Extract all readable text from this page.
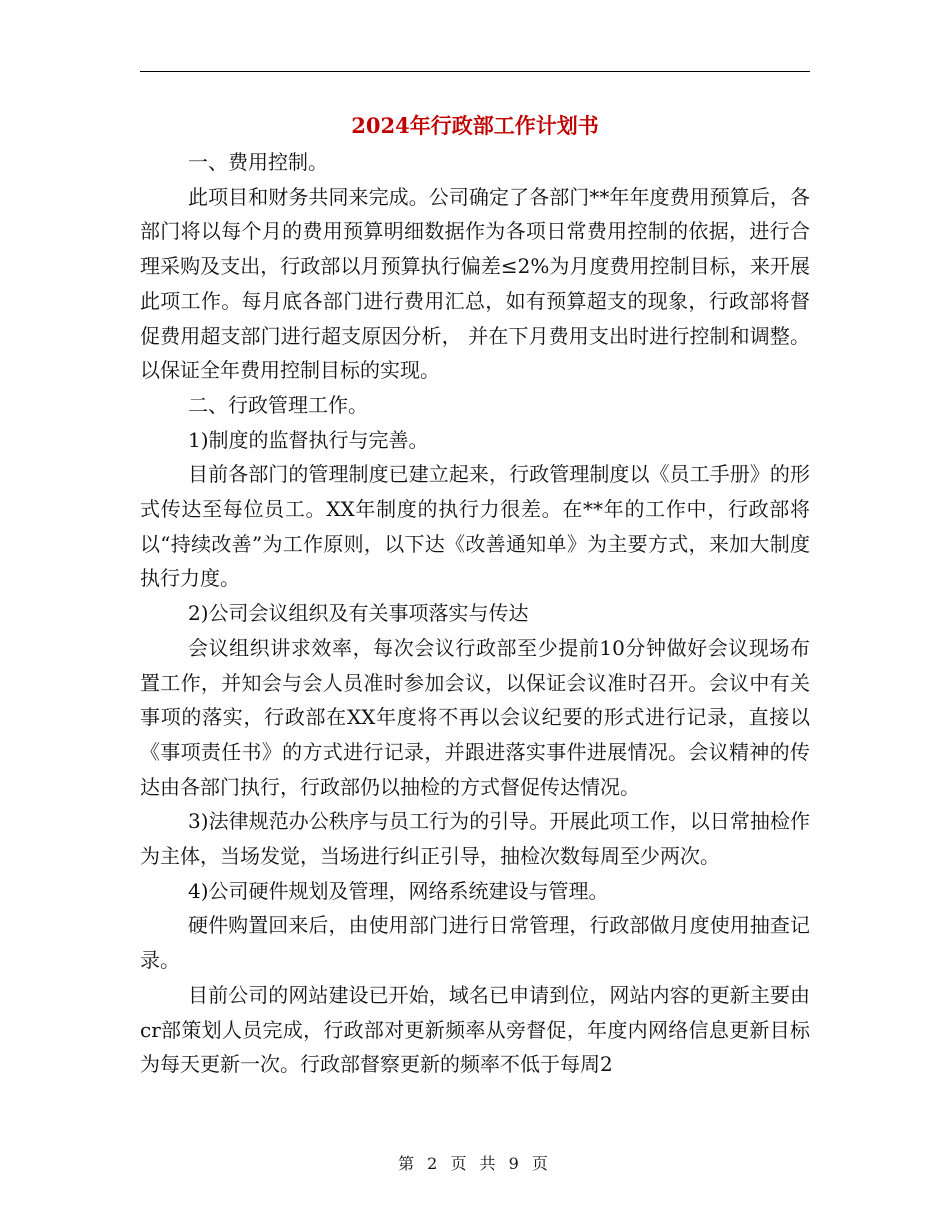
2024年行政部工作计划书

一、费用控制。

此项目和财务共同来完成。公司确定了各部门**年年度费用预算后，各部门将以每个月的费用预算明细数据作为各项日常费用控制的依据，进行合理采购及支出，行政部以月预算执行偏差≤2%为月度费用控制目标，来开展此项工作。每月底各部门进行费用汇总，如有预算超支的现象，行政部将督促费用超支部门进行超支原因分析， 并在下月费用支出时进行控制和调整。以保证全年费用控制目标的实现。

二、行政管理工作。

1)制度的监督执行与完善。

目前各部门的管理制度已建立起来，行政管理制度以《员工手册》的形式传达至每位员工。XX年制度的执行力很差。在**年的工作中，行政部将以“持续改善”为工作原则，以下达《改善通知单》为主要方式，来加大制度执行力度。

2)公司会议组织及有关事项落实与传达

会议组织讲求效率，每次会议行政部至少提前10分钟做好会议现场布置工作，并知会与会人员准时参加会议，以保证会议准时召开。会议中有关事项的落实，行政部在XX年度将不再以会议纪要的形式进行记录，直接以《事项责任书》的方式进行记录，并跟进落实事件进展情况。会议精神的传达由各部门执行，行政部仍以抽检的方式督促传达情况。

3)法律规范办公秩序与员工行为的引导。开展此项工作，以日常抽检作为主体，当场发觉，当场进行纠正引导，抽检次数每周至少两次。

4)公司硬件规划及管理，网络系统建设与管理。

硬件购置回来后，由使用部门进行日常管理，行政部做月度使用抽查记录。

目前公司的网站建设已开始，域名已申请到位，网站内容的更新主要由cr部策划人员完成，行政部对更新频率从旁督促，年度内网络信息更新目标为每天更新一次。行政部督察更新的频率不低于每周2

第 2 页 共 9 页
